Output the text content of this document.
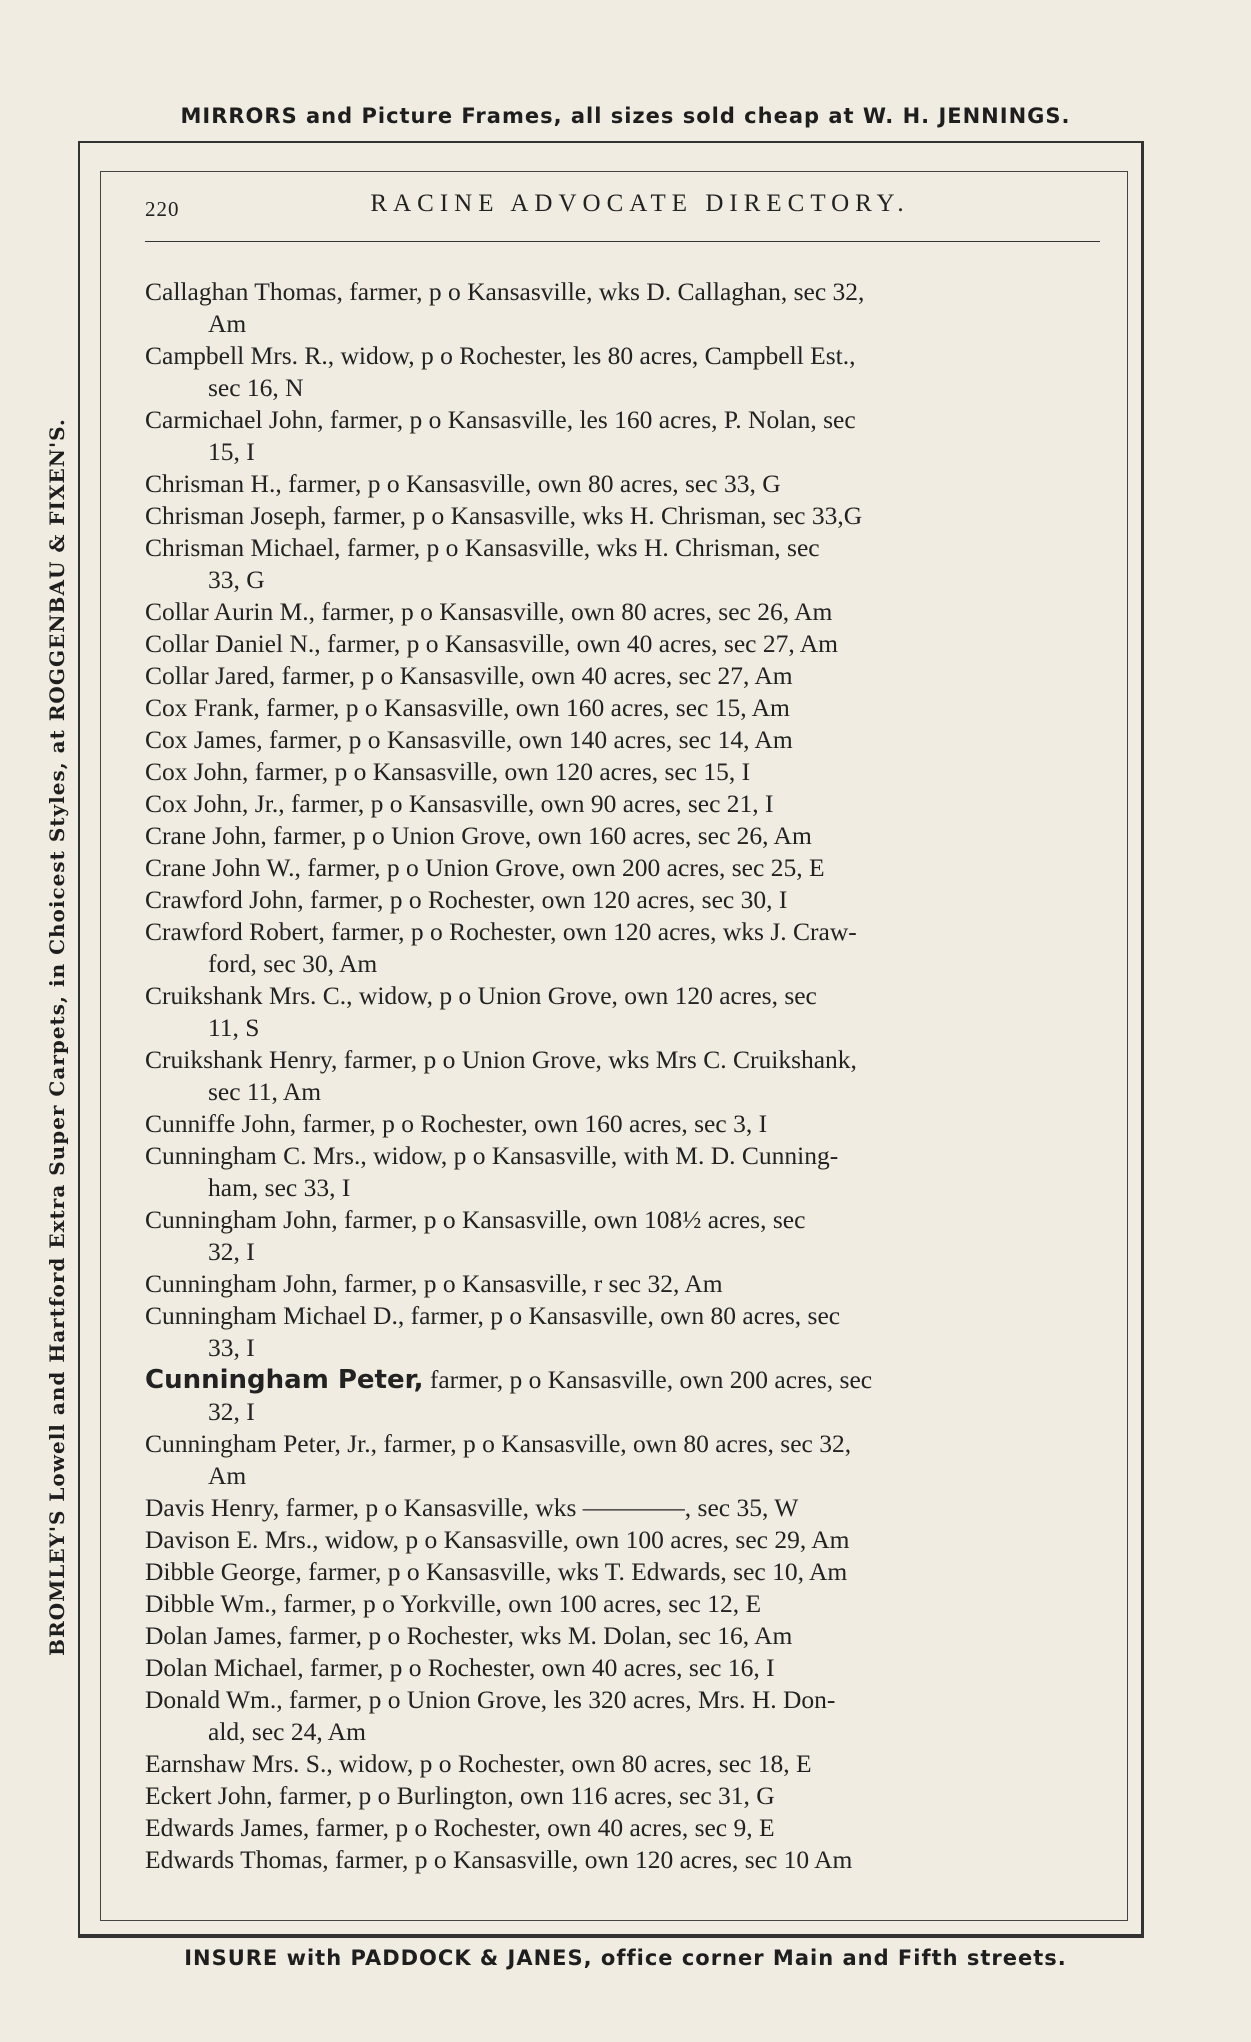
MIRRORS and Picture Frames, all sizes sold cheap at W. H. JENNINGS.
BROMLEY'S Lowell and Hartford Extra Super Carpets, in Choicest Styles, at ROGGENBAU & FIXEN'S.
220	RACINE ADVOCATE DIRECTORY.
Callaghan Thomas, farmer, p o Kansasville, wks D. Callaghan, sec 32,
Am
Campbell Mrs. R., widow, p o Rochester, les 80 acres, Campbell Est.,
sec 16, N
Carmichael John, farmer, p o Kansasville, les 160 acres, P. Nolan, sec
15, I
Chrisman H., farmer, p o Kansasville, own 80 acres, sec 33, G
Chrisman Joseph, farmer, p o Kansasville, wks H. Chrisman, sec 33,G
Chrisman Michael, farmer, p o Kansasville, wks H. Chrisman, sec
33, G
Collar Aurin M., farmer, p o Kansasville, own 80 acres, sec 26, Am
Collar Daniel N., farmer, p o Kansasville, own 40 acres, sec 27, Am
Collar Jared, farmer, p o Kansasville, own 40 acres, sec 27, Am
Cox Frank, farmer, p o Kansasville, own 160 acres, sec 15, Am
Cox James, farmer, p o Kansasville, own 140 acres, sec 14, Am
Cox John, farmer, p o Kansasville, own 120 acres, sec 15, I
Cox John, Jr., farmer, p o Kansasville, own 90 acres, sec 21, I
Crane John, farmer, p o Union Grove, own 160 acres, sec 26, Am
Crane John W., farmer, p o Union Grove, own 200 acres, sec 25, E
Crawford John, farmer, p o Rochester, own 120 acres, sec 30, I
Crawford Robert, farmer, p o Rochester, own 120 acres, wks J. Craw-
ford, sec 30, Am
Cruikshank Mrs. C., widow, p o Union Grove, own 120 acres, sec
11, S
Cruikshank Henry, farmer, p o Union Grove, wks Mrs C. Cruikshank,
sec 11, Am
Cunniffe John, farmer, p o Rochester, own 160 acres, sec 3, I
Cunningham C. Mrs., widow, p o Kansasville, with M. D. Cunning-
ham, sec 33, I
Cunningham John, farmer, p o Kansasville, own 108½ acres, sec
32, I
Cunningham John, farmer, p o Kansasville, r sec 32, Am
Cunningham Michael D., farmer, p o Kansasville, own 80 acres, sec
33, I
Cunningham Peter, farmer, p o Kansasville, own 200 acres, sec
32, I
Cunningham Peter, Jr., farmer, p o Kansasville, own 80 acres, sec 32,
Am
Davis Henry, farmer, p o Kansasville, wks ————, sec 35, W
Davison E. Mrs., widow, p o Kansasville, own 100 acres, sec 29, Am
Dibble George, farmer, p o Kansasville, wks T. Edwards, sec 10, Am
Dibble Wm., farmer, p o Yorkville, own 100 acres, sec 12, E
Dolan James, farmer, p o Rochester, wks M. Dolan, sec 16, Am
Dolan Michael, farmer, p o Rochester, own 40 acres, sec 16, I
Donald Wm., farmer, p o Union Grove, les 320 acres, Mrs. H. Don-
ald, sec 24, Am
Earnshaw Mrs. S., widow, p o Rochester, own 80 acres, sec 18, E
Eckert John, farmer, p o Burlington, own 116 acres, sec 31, G
Edwards James, farmer, p o Rochester, own 40 acres, sec 9, E
Edwards Thomas, farmer, p o Kansasville, own 120 acres, sec 10 Am
INSURE with PADDOCK & JANES, office corner Main and Fifth streets.
